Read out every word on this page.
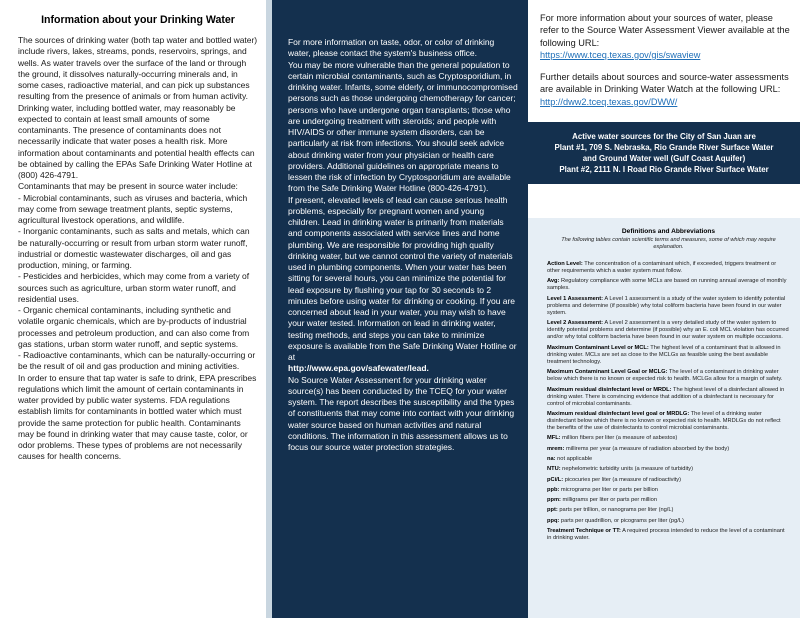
Information about your Drinking Water
The sources of drinking water (both tap water and bottled water) include rivers, lakes, streams, ponds, reservoirs, springs, and wells. As water travels over the surface of the land or through the ground, it dissolves naturally-occurring minerals and, in some cases, radioactive material, and can pick up substances resulting from the presence of animals or from human activity.
Drinking water, including bottled water, may reasonably be expected to contain at least small amounts of some contaminants. The presence of contaminants does not necessarily indicate that water poses a health risk. More information about contaminants and potential health effects can be obtained by calling the EPAs Safe Drinking Water Hotline at (800) 426-4791.
Contaminants that may be present in source water include:
- Microbial contaminants, such as viruses and bacteria, which may come from sewage treatment plants, septic systems, agricultural livestock operations, and wildlife.
- Inorganic contaminants, such as salts and metals, which can be naturally-occurring or result from urban storm water runoff, industrial or domestic wastewater discharges, oil and gas production, mining, or farming.
- Pesticides and herbicides, which may come from a variety of sources such as agriculture, urban storm water runoff, and residential uses.
- Organic chemical contaminants, including synthetic and volatile organic chemicals, which are by-products of industrial processes and petroleum production, and can also come from gas stations, urban storm water runoff, and septic systems.
- Radioactive contaminants, which can be naturally-occurring or be the result of oil and gas production and mining activities.
In order to ensure that tap water is safe to drink, EPA prescribes regulations which limit the amount of certain contaminants in water provided by public water systems. FDA regulations establish limits for contaminants in bottled water which must provide the same protection for public health. Contaminants may be found in drinking water that may cause taste, color, or odor problems. These types of problems are not necessarily causes for health concerns.
For more information on taste, odor, or color of drinking water, please contact the system's business office.
You may be more vulnerable than the general population to certain microbial contaminants, such as Cryptosporidium, in drinking water. Infants, some elderly, or immunocompromised persons such as those undergoing chemotherapy for cancer; persons who have undergone organ transplants; those who are undergoing treatment with steroids; and people with HIV/AIDS or other immune system disorders, can be particularly at risk from infections. You should seek advice about drinking water from your physician or health care providers. Additional guidelines on appropriate means to lessen the risk of infection by Cryptosporidium are available from the Safe Drinking Water Hotline (800-426-4791).
If present, elevated levels of lead can cause serious health problems, especially for pregnant women and young children. Lead in drinking water is primarily from materials and components associated with service lines and home plumbing. We are responsible for providing high quality drinking water, but we cannot control the variety of materials used in plumbing components. When your water has been sitting for several hours, you can minimize the potential for lead exposure by flushing your tap for 30 seconds to 2 minutes before using water for drinking or cooking. If you are concerned about lead in your water, you may wish to have your water tested. Information on lead in drinking water, testing methods, and steps you can take to minimize exposure is available from the Safe Drinking Water Hotline or at
http://www.epa.gov/safewater/lead.
No Source Water Assessment for your drinking water source(s) has been conducted by the TCEQ for your water system. The report describes the susceptibility and the types of constituents that may come into contact with your drinking water source based on human activities and natural conditions. The information in this assessment allows us to focus our source water protection strategies.
For more information about your sources of water, please refer to the Source Water Assessment Viewer available at the following URL:
https://www.tceq.texas.gov/gis/swaview
Further details about sources and source-water assessments are available in Drinking Water Watch at the following URL: http://dww2.tceq.texas.gov/DWW/
Active water sources for the City of San Juan are
Plant #1, 709 S. Nebraska, Rio Grande River Surface Water
and Ground Water well (Gulf Coast Aquifer)
Plant #2, 2111 N. I Road Rio Grande River Surface Water
Definitions and Abbreviations
The following tables contain scientific terms and measures, some of which may require explanation.
Action Level: The concentration of a contaminant which, if exceeded, triggers treatment or other requirements which a water system must follow.
Avg: Regulatory compliance with some MCLs are based on running annual average of monthly samples.
Level 1 Assessment: A Level 1 assessment is a study of the water system to identify potential problems and determine (if possible) why total coliform bacteria have been found in our water system.
Level 2 Assessment: A Level 2 assessment is a very detailed study of the water system to identify potential problems and determine (if possible) why an E. coli MCL violation has occurred and/or why total coliform bacteria have been found in our water system on multiple occasions.
Maximum Contaminant Level or MCL: The highest level of a contaminant that is allowed in drinking water. MCLs are set as close to the MCLGs as feasible using the best available treatment technology.
Maximum Contaminant Level Goal or MCLG: The level of a contaminant in drinking water below which there is no known or expected risk to health. MCLGs allow for a margin of safety.
Maximum residual disinfectant level or MRDL: The highest level of a disinfectant allowed in drinking water. There is convincing evidence that addition of a disinfectant is necessary for control of microbial contaminants.
Maximum residual disinfectant level goal or MRDLG: The level of a drinking water disinfectant below which there is no known or expected risk to health. MRDLGs do not reflect the benefits of the use of disinfectants to control microbial contaminants.
MFL: million fibers per liter (a measure of asbestos)
mrem: millirems per year (a measure of radiation absorbed by the body)
na: not applicable
NTU: nephelometric turbidity units (a measure of turbidity)
pCi/L: picocuries per liter (a measure of radioactivity)
ppb: micrograms per liter or parts per billion
ppm: milligrams per liter or parts per million
ppt: parts per trillion, or nanograms per liter (ng/L)
ppq: parts per quadrillion, or picograms per liter (pg/L)
Treatment Technique or TT: A required process intended to reduce the level of a contaminant in drinking water.
